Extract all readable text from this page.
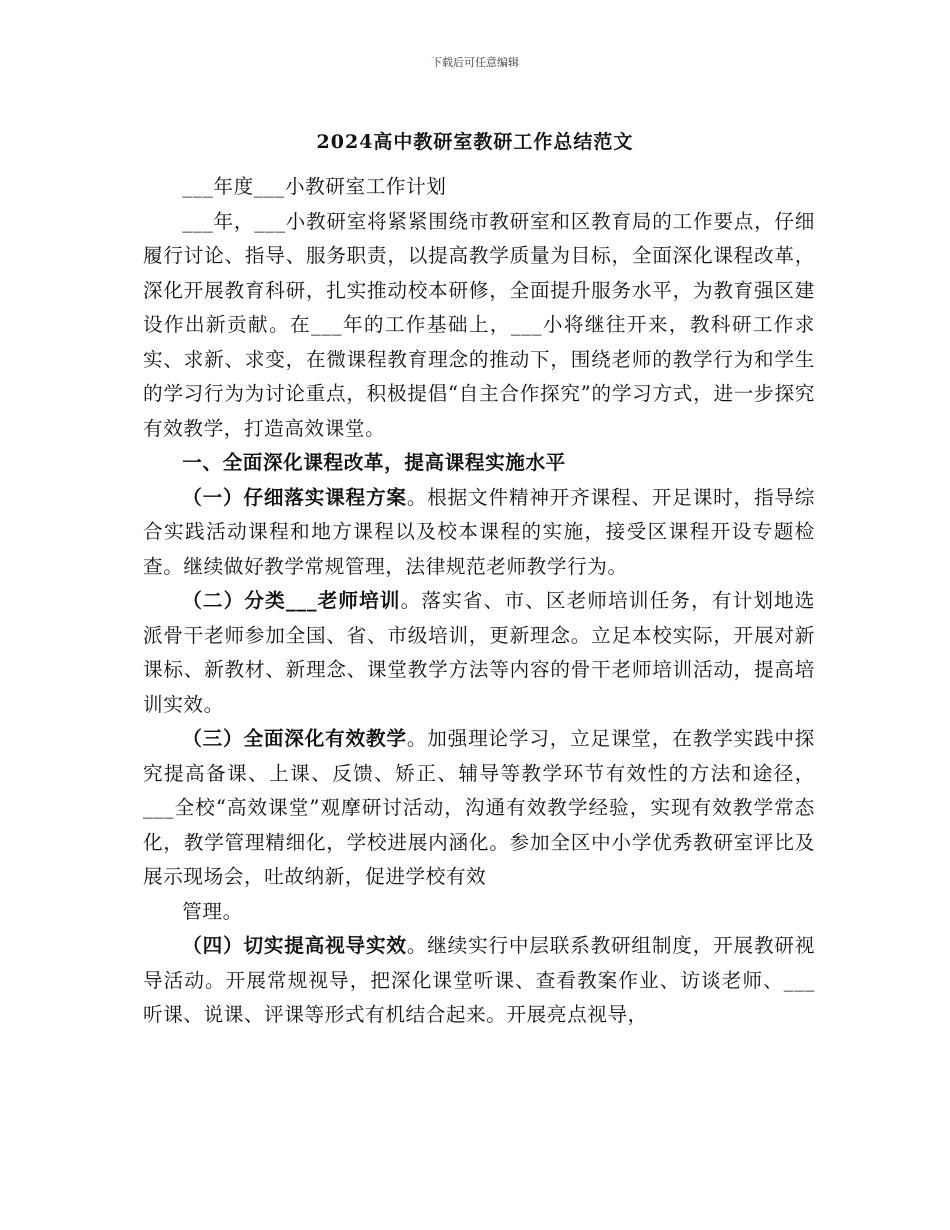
下载后可任意编辑
2024高中教研室教研工作总结范文

___年度___小教研室工作计划

___年，___小教研室将紧紧围绕市教研室和区教育局的工作要点，仔细履行讨论、指导、服务职责，以提高教学质量为目标，全面深化课程改革，深化开展教育科研，扎实推动校本研修，全面提升服务水平，为教育强区建设作出新贡献。在___年的工作基础上，___小将继往开来，教科研工作求实、求新、求变，在微课程教育理念的推动下，围绕老师的教学行为和学生的学习行为为讨论重点，积极提倡“自主合作探究”的学习方式，进一步探究有效教学，打造高效课堂。

一、全面深化课程改革，提高课程实施水平

（一）仔细落实课程方案。根据文件精神开齐课程、开足课时，指导综合实践活动课程和地方课程以及校本课程的实施，接受区课程开设专题检查。继续做好教学常规管理，法律规范老师教学行为。

（二）分类___老师培训。落实省、市、区老师培训任务，有计划地选派骨干老师参加全国、省、市级培训，更新理念。立足本校实际，开展对新课标、新教材、新理念、课堂教学方法等内容的骨干老师培训活动，提高培训实效。

（三）全面深化有效教学。加强理论学习，立足课堂，在教学实践中探究提高备课、上课、反馈、矫正、辅导等教学环节有效性的方法和途径，___全校“高效课堂”观摩研讨活动，沟通有效教学经验，实现有效教学常态化，教学管理精细化，学校进展内涵化。参加全区中小学优秀教研室评比及展示现场会，吐故纳新，促进学校有效

管理。

（四）切实提高视导实效。继续实行中层联系教研组制度，开展教研视导活动。开展常规视导，把深化课堂听课、查看教案作业、访谈老师、___听课、说课、评课等形式有机结合起来。开展亮点视导，
